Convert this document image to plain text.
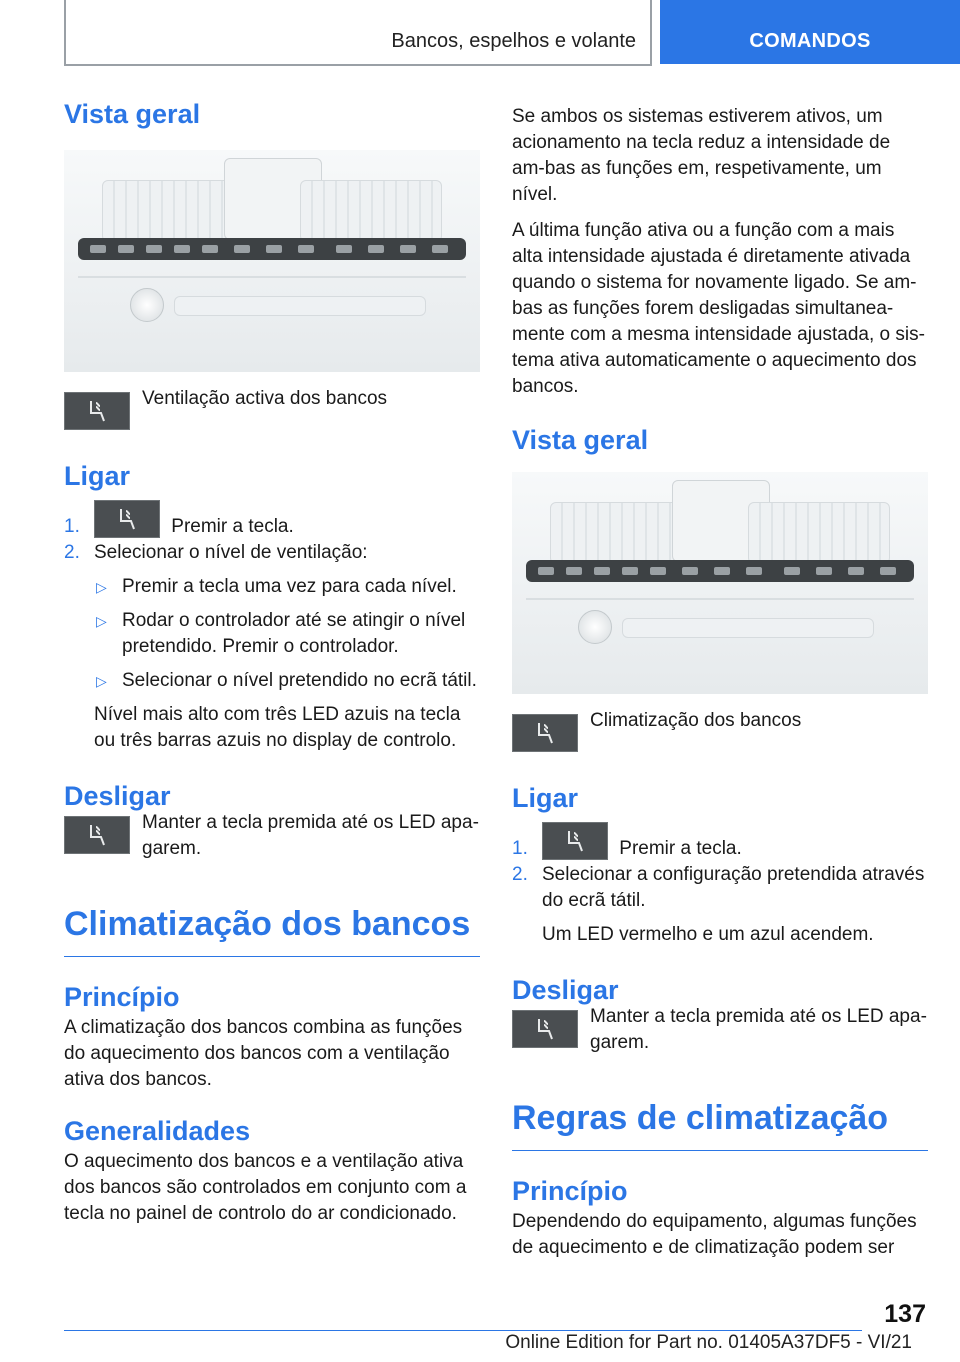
Bancos, espelhos e volante	COMANDOS
Vista geral

Ventilação activa dos bancos

Ligar
1.	Premir a tecla.
2. Selecionar o nível de ventilação:
▷ Premir a tecla uma vez para cada nível.
▷ Rodar o controlador até se atingir o nível pretendido. Premir o controlador.
▷ Selecionar o nível pretendido no ecrã tátil.
Nível mais alto com três LED azuis na tecla ou três barras azuis no display de controlo.
Desligar

Manter a tecla premida até os LED apa-garem.

Climatização dos bancos
Princípio

A climatização dos bancos combina as funções do aquecimento dos bancos com a ventilação ativa dos bancos.

Generalidades

O aquecimento dos bancos e a ventilação ativa dos bancos são controlados em conjunto com a tecla no painel de controlo do ar condicionado.

Se ambos os sistemas estiverem ativos, um acionamento na tecla reduz a intensidade de am-bas as funções em, respetivamente, um nível.

A última função ativa ou a função com a mais alta intensidade ajustada é diretamente ativada quando o sistema for novamente ligado. Se am-bas as funções forem desligadas simultanea-mente com a mesma intensidade ajustada, o sis-tema ativa automaticamente o aquecimento dos bancos.

Vista geral

Climatização dos bancos

Ligar
1.	Premir a tecla.
2. Selecionar a configuração pretendida através do ecrã tátil.
Um LED vermelho e um azul acendem.
Desligar

Manter a tecla premida até os LED apa-garem.

Regras de climatização
Princípio

Dependendo do equipamento, algumas funções de aquecimento e de climatização podem ser

137
Online Edition for Part no. 01405A37DF5 - VI/21
